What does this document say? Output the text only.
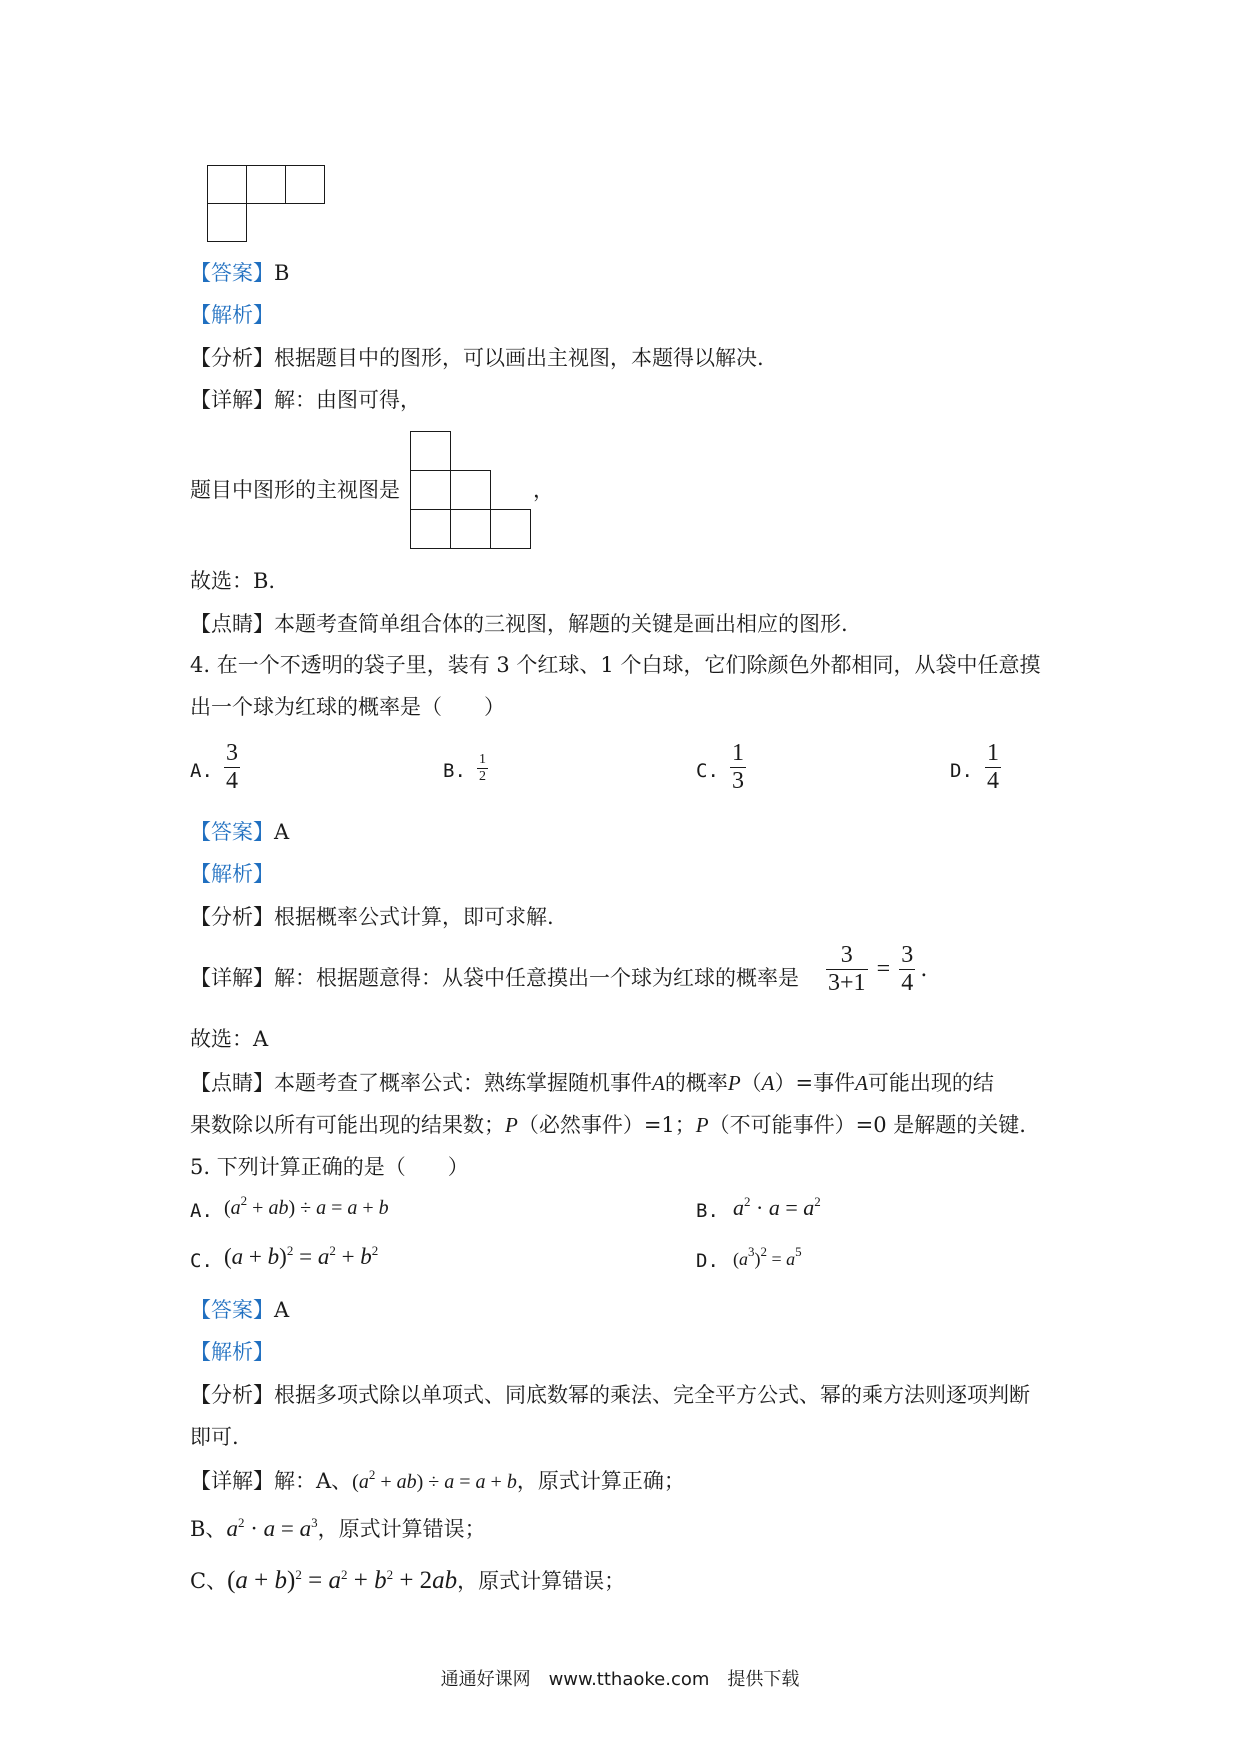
【答案】B
【解析】
【分析】根据题目中的图形，可以画出主视图，本题得以解决.
【详解】解：由图可得，
题目中图形的主视图是	，
故选：B.
【点睛】本题考查简单组合体的三视图，解题的关键是画出相应的图形.
4. 在一个不透明的袋子里，装有 3 个红球、1 个白球，它们除颜色外都相同，从袋中任意摸
出一个球为红球的概率是（　　）
A. $\frac{3}{4}$	B. $\frac{1}{2}$	C. $\frac{1}{3}$	D. $\frac{1}{4}$
【答案】A
【解析】
【分析】根据概率公式计算，即可求解.
【详解】解：根据题意得：从袋中任意摸出一个球为红球的概率是 $\frac{3}{3+1} = \frac{3}{4}$ .
故选：A
【点睛】本题考查了概率公式：熟练掌握随机事件A的概率P（A）=事件A可能出现的结
果数除以所有可能出现的结果数；P（必然事件）=1；P（不可能事件）=0 是解题的关键.
5. 下列计算正确的是（　　）
A. $(a^2 + ab) \div a = a + b$	B. $a^2 \cdot a = a^2$
C. $(a + b)^2 = a^2 + b^2$	D. $(a^3)^2 = a^5$
【答案】A
【解析】
【分析】根据多项式除以单项式、同底数幂的乘法、完全平方公式、幂的乘方法则逐项判断
即可.
【详解】解：A、$(a^2 + ab) \div a = a + b$，原式计算正确；
B、$a^2 \cdot a = a^3$，原式计算错误；
C、$(a + b)^2 = a^2 + b^2 + 2ab$，原式计算错误；
通通好课网　www.tthaoke.com　提供下载
